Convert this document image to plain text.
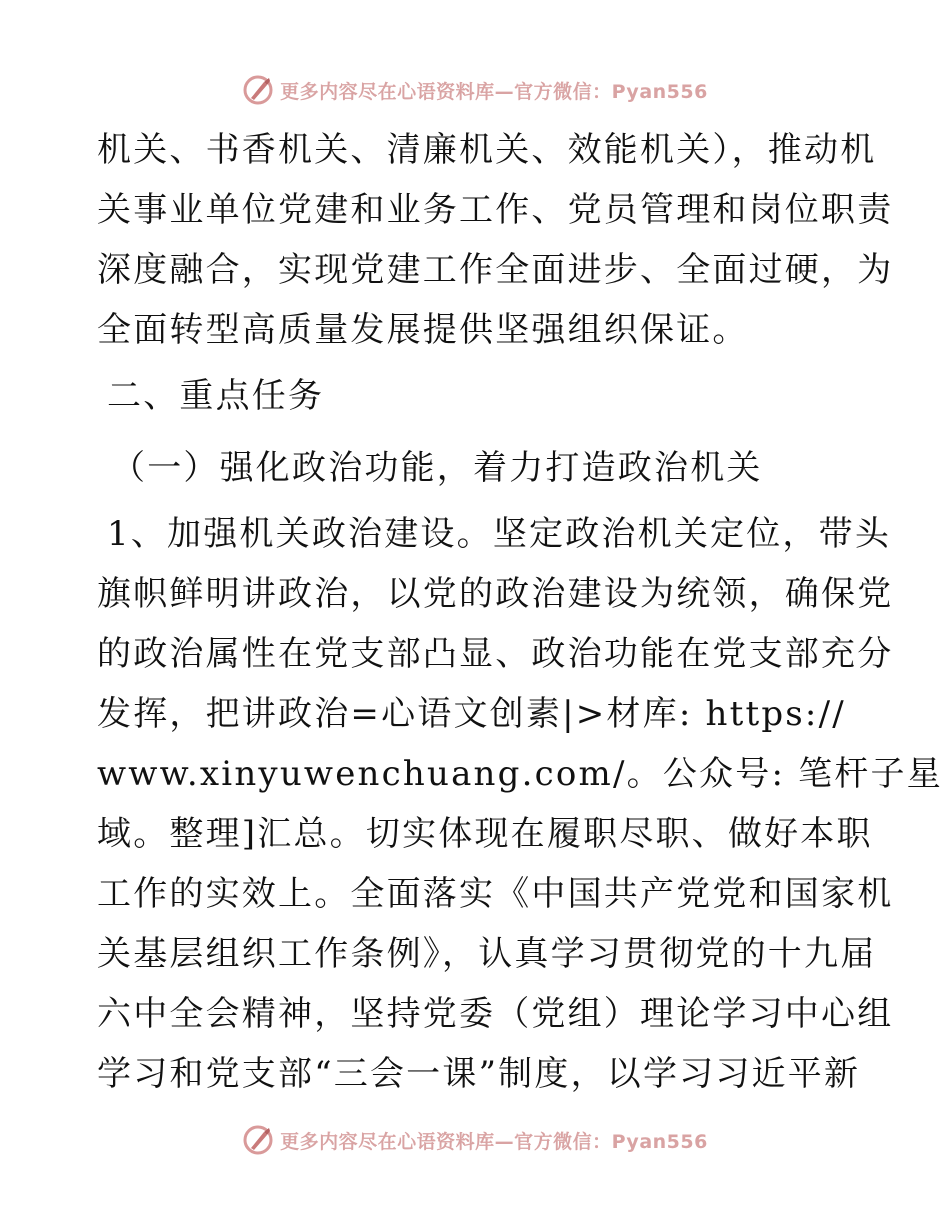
更多内容尽在心语资料库—官方微信：Pyan556
机关、书香机关、清廉机关、效能机关），推动机
关事业单位党建和业务工作、党员管理和岗位职责
深度融合，实现党建工作全面进步、全面过硬，为
全面转型高质量发展提供坚强组织保证。
二、重点任务
（一）强化政治功能，着力打造政治机关
1、加强机关政治建设。坚定政治机关定位，带头
旗帜鲜明讲政治，以党的政治建设为统领，确保党
的政治属性在党支部凸显、政治功能在党支部充分
发挥，把讲政治=心语文创素|>材库: https://
www.xinyuwenchuang.com/。公众号: 笔杆子星
域。整理]汇总。切实体现在履职尽职、做好本职
工作的实效上。全面落实《中国共产党党和国家机
关基层组织工作条例》，认真学习贯彻党的十九届
六中全会精神，坚持党委（党组）理论学习中心组
学习和党支部“三会一课”制度，以学习习近平新
更多内容尽在心语资料库—官方微信：Pyan556
